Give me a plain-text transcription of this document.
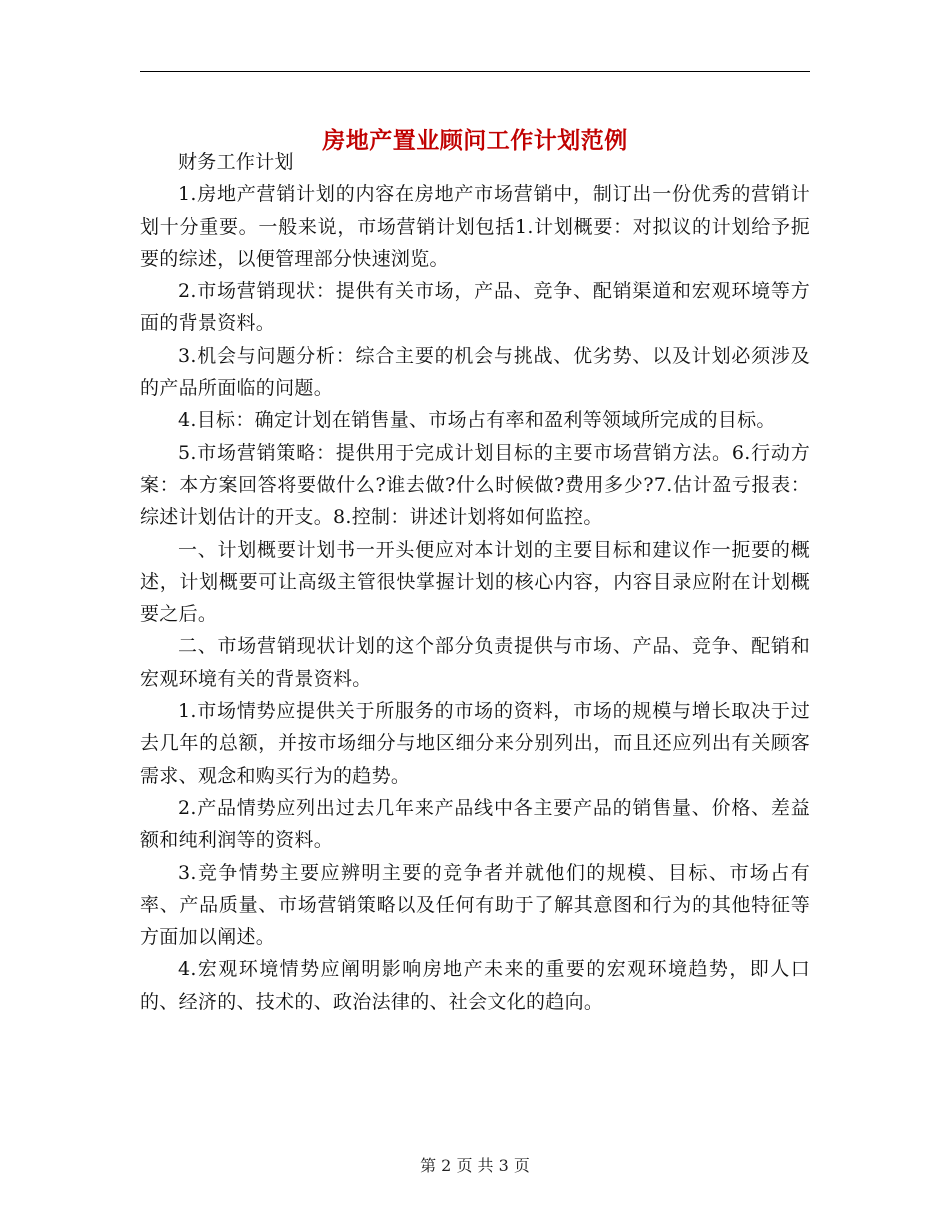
房地产置业顾问工作计划范例

财务工作计划

1.房地产营销计划的内容在房地产市场营销中，制订出一份优秀的营销计划十分重要。一般来说，市场营销计划包括1.计划概要：对拟议的计划给予扼要的综述，以便管理部分快速浏览。

2.市场营销现状：提供有关市场，产品、竞争、配销渠道和宏观环境等方面的背景资料。

3.机会与问题分析：综合主要的机会与挑战、优劣势、以及计划必须涉及的产品所面临的问题。

4.目标：确定计划在销售量、市场占有率和盈利等领域所完成的目标。

5.市场营销策略：提供用于完成计划目标的主要市场营销方法。6.行动方案：本方案回答将要做什么?谁去做?什么时候做?费用多少?7.估计盈亏报表：综述计划估计的开支。8.控制：讲述计划将如何监控。

一、计划概要计划书一开头便应对本计划的主要目标和建议作一扼要的概述，计划概要可让高级主管很快掌握计划的核心内容，内容目录应附在计划概要之后。

二、市场营销现状计划的这个部分负责提供与市场、产品、竞争、配销和宏观环境有关的背景资料。

1.市场情势应提供关于所服务的市场的资料，市场的规模与增长取决于过去几年的总额，并按市场细分与地区细分来分别列出，而且还应列出有关顾客需求、观念和购买行为的趋势。

2.产品情势应列出过去几年来产品线中各主要产品的销售量、价格、差益额和纯利润等的资料。

3.竞争情势主要应辨明主要的竞争者并就他们的规模、目标、市场占有率、产品质量、市场营销策略以及任何有助于了解其意图和行为的其他特征等方面加以阐述。

4.宏观环境情势应阐明影响房地产未来的重要的宏观环境趋势，即人口的、经济的、技术的、政治法律的、社会文化的趋向。

第 2 页 共 3 页
